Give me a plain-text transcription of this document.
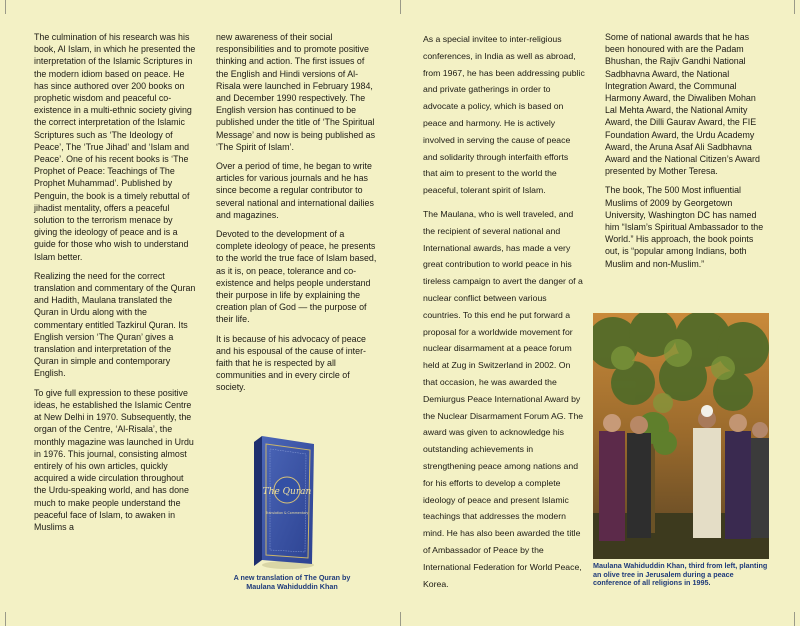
The culmination of his research was his book, Al Islam, in which he presented the interpretation of the Islamic Scriptures in the modern idiom based on peace. He has since authored over 200 books on prophetic wisdom and peaceful co-existence in a multi-ethnic society giving the correct interpretation of the Islamic Scriptures such as ‘The Ideology of Peace’, The ‘True Jihad’ and ‘Islam and Peace’. One of his recent books is ‘The Prophet of Peace: Teachings of The Prophet Muhammad’. Published by Penguin, the book is a timely rebuttal of jihadist mentality, offers a peaceful solution to the terrorism menace by giving the ideology of peace and is a guide for those who wish to understand Islam better.

Realizing the need for the correct translation and commentary of the Quran and Hadith, Maulana translated the Quran in Urdu along with the commentary entitled Tazkirul Quran. Its English version ‘The Quran’ gives a translation and interpretation of the Quran in simple and contemporary English.

To give full expression to these positive ideas, he established the Islamic Centre at New Delhi in 1970. Subsequently, the organ of the Centre, ‘Al-Risala’, the monthly magazine was launched in Urdu in 1976. This journal, consisting almost entirely of his own articles, quickly acquired a wide circulation throughout the Urdu-speaking world, and has done much to make people understand the peaceful face of Islam, to awaken in Muslims a

new awareness of their social responsibilities and to promote positive thinking and action. The first issues of the English and Hindi versions of Al-Risala were launched in February 1984, and December 1990 respectively. The English version has continued to be published under the title of ‘The Spiritual Message’ and now is being published as ‘The Spirit of Islam’.

Over a period of time, he began to write articles for various journals and he has since become a regular contributor to several national and international dailies and magazines.

Devoted to the development of a complete ideology of peace, he presents to the world the true face of Islam based, as it is, on peace, tolerance and co-existence and helps people understand their purpose in life by explaining the creation plan of God — the purpose of their life.

It is because of his advocacy of peace and his espousal of the cause of inter-faith that he is respected by all communities and in every circle of society.

The Quran
Translation & Commentary
A new translation of The Quran by Maulana Wahiduddin Khan

As a special invitee to inter-religious conferences, in India as well as abroad, from 1967, he has been addressing public and private gatherings in order to advocate a policy, which is based on peace and harmony. He is actively involved in serving the cause of peace and solidarity through interfaith efforts that aim to present to the world the peaceful, tolerant spirit of Islam.

The Maulana, who is well traveled, and the recipient of several national and International awards, has made a very great contribution to world peace in his tireless campaign to avert the danger of a nuclear conflict between various countries. To this end he put forward a proposal for a worldwide movement for nuclear disarmament at a peace forum held at Zug in Switzerland in 2002. On that occasion, he was awarded the Demiurgus Peace International Award by the Nuclear Disarmament Forum AG. The award was given to acknowledge his outstanding achievements in strengthening peace among nations and for his efforts to develop a complete ideology of peace and present Islamic teachings that addresses the modern mind. He has also been awarded the title of Ambassador of Peace by the International Federation for World Peace, Korea.

Some of national awards that he has been honoured with are the Padam Bhushan, the Rajiv Gandhi National Sadbhavna Award, the National Integration Award, the Communal Harmony Award, the Diwaliben Mohan Lal Mehta Award, the National Amity Award, the Dilli Gaurav Award, the FIE Foundation Award, the Urdu Academy Award, the Aruna Asaf Ali Sadbhavna Award and the National Citizen’s Award presented by Mother Teresa.

The book, The 500 Most influential Muslims of 2009 by Georgetown University, Washington DC has named him “Islam’s Spiritual Ambassador to the World.” His approach, the book points out, is “popular among Indians, both Muslim and non-Muslim.”

Maulana Wahiduddin Khan, third from left, planting an olive tree in Jerusalem during a peace conference of all religions in 1995.
